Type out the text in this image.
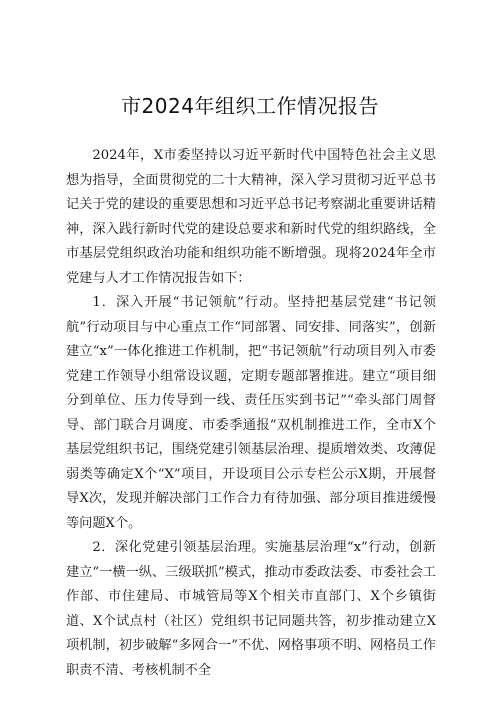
市2024年组织工作情况报告

2024年，X市委坚持以习近平新时代中国特色社会主义思想为指导，全面贯彻党的二十大精神，深入学习贯彻习近平总书记关于党的建设的重要思想和习近平总书记考察湖北重要讲话精神，深入践行新时代党的建设总要求和新时代党的组织路线，全市基层党组织政治功能和组织功能不断增强。现将2024年全市党建与人才工作情况报告如下：

1．深入开展“书记领航”行动。坚持把基层党建“书记领航”行动项目与中心重点工作“同部署、同安排、同落实”，创新建立“x”一体化推进工作机制，把“书记领航”行动项目列入市委党建工作领导小组常设议题，定期专题部署推进。建立“项目细分到单位、压力传导到一线、责任压实到书记”“牵头部门周督导、部门联合月调度、市委季通报”双机制推进工作，全市X个基层党组织书记，围绕党建引领基层治理、提质增效类、攻薄促弱类等确定X个“X”项目，开设项目公示专栏公示X期，开展督导X次，发现并解决部门工作合力有待加强、部分项目推进缓慢等问题X个。

2．深化党建引领基层治理。实施基层治理“x”行动，创新建立“一横一纵、三级联抓”模式，推动市委政法委、市委社会工作部、市住建局、市城管局等X个相关市直部门、X个乡镇街道、X个试点村（社区）党组织书记同题共答，初步推动建立X项机制，初步破解“多网合一”不优、网格事项不明、网格员工作职责不清、考核机制不全
